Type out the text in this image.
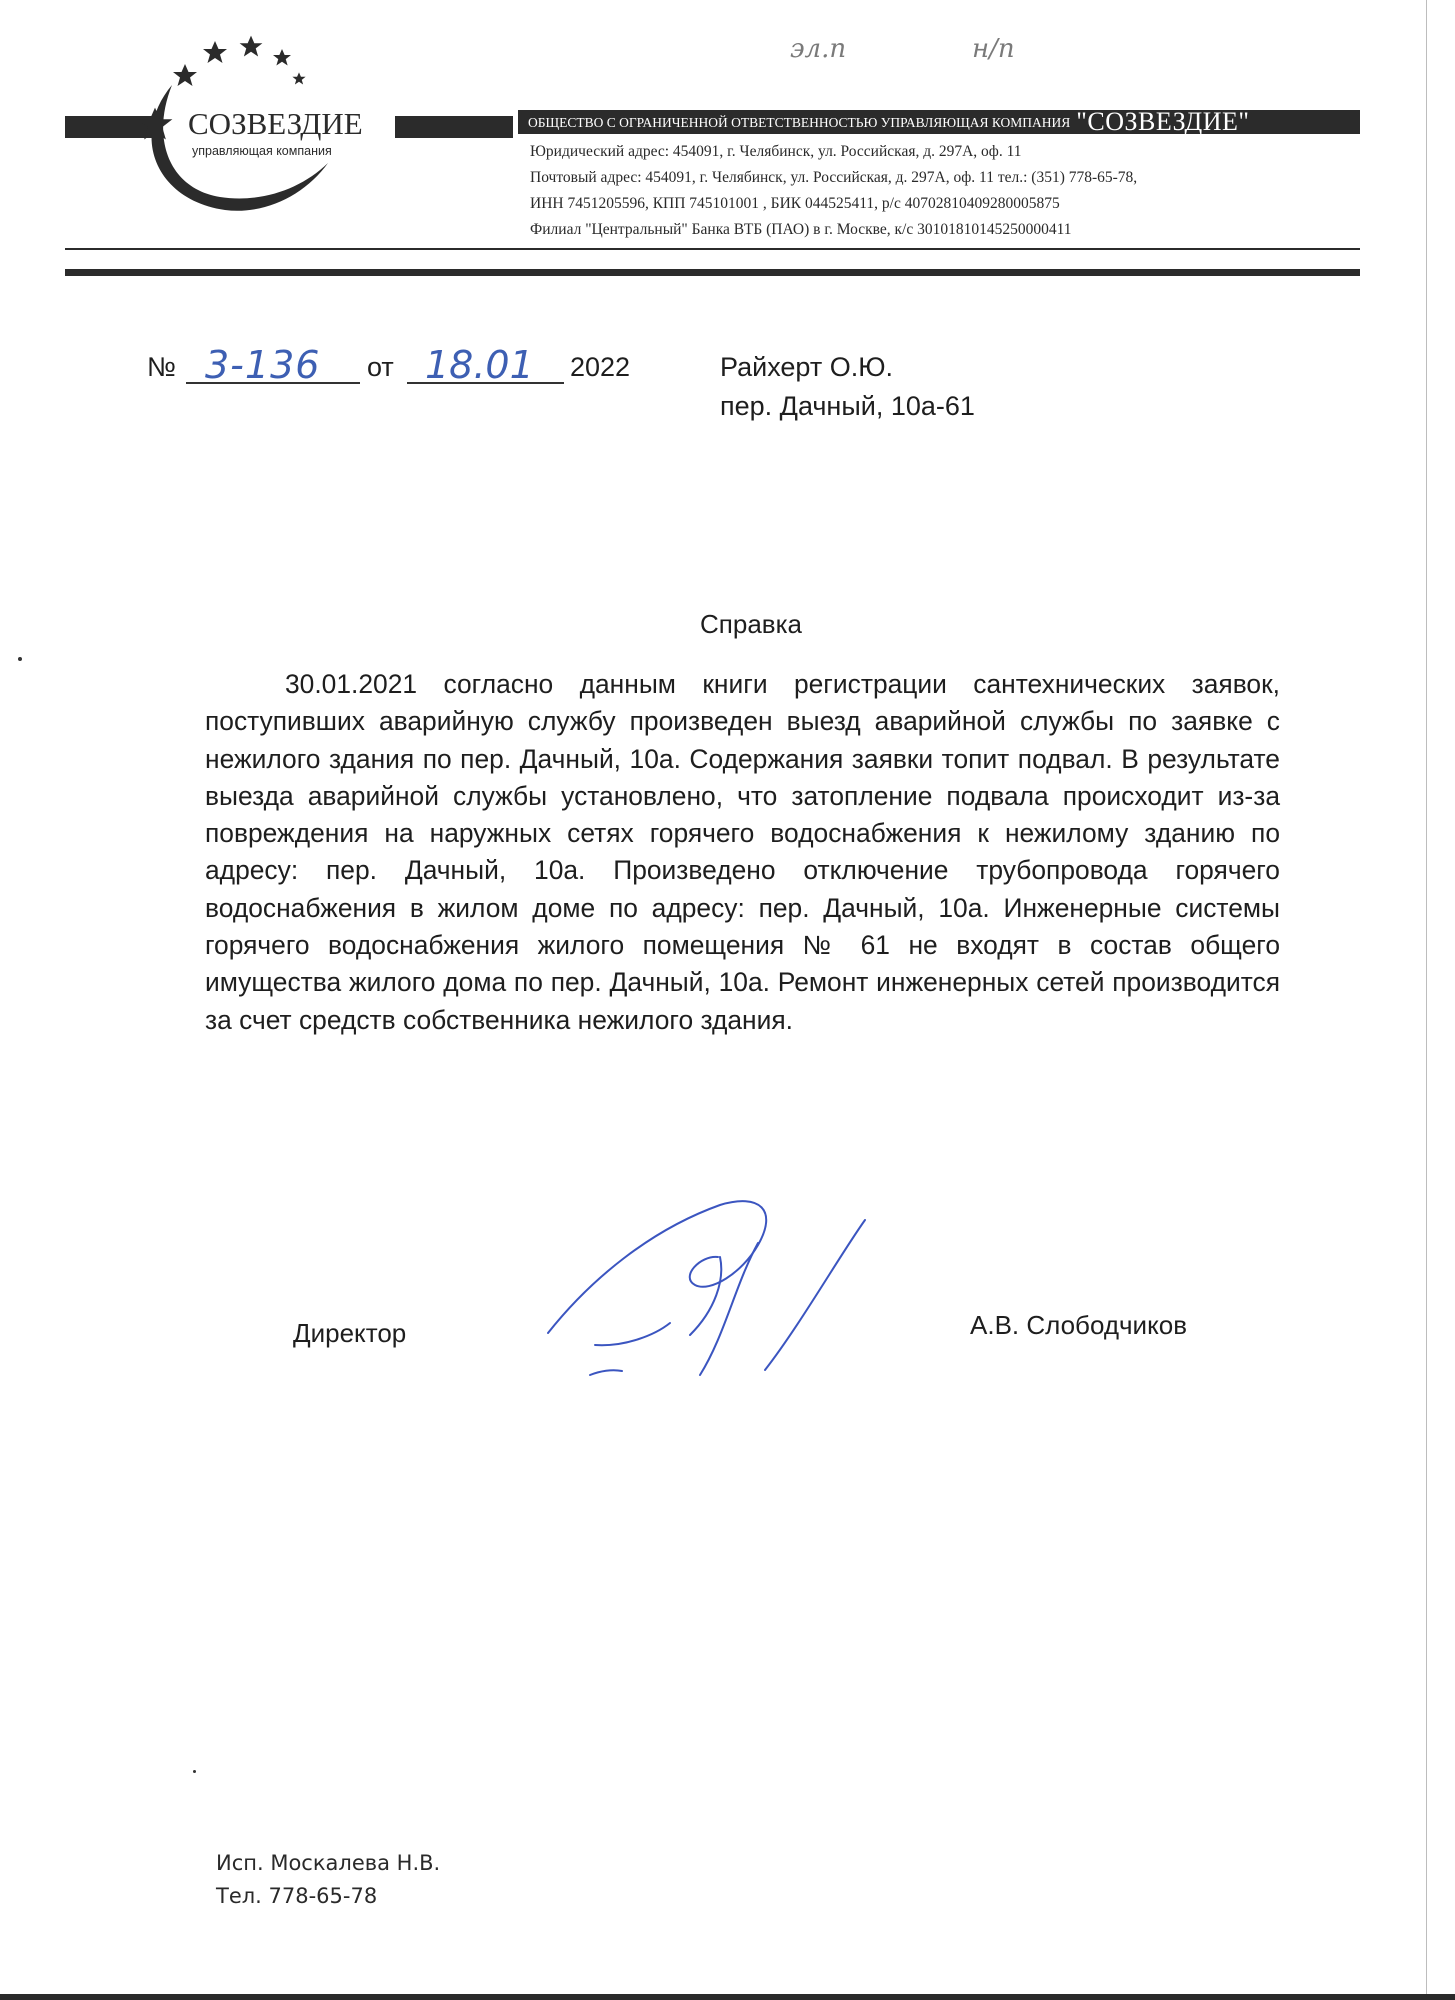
СОЗВЕЗДИЕ
управляющая компания
ОБЩЕСТВО С ОГРАНИЧЕННОЙ ОТВЕТСТВЕННОСТЬЮ УПРАВЛЯЮЩАЯ КОМПАНИЯ "СОЗВЕЗДИЕ"
Юридический адрес: 454091, г. Челябинск, ул. Российская, д. 297А, оф. 11
Почтовый адрес: 454091, г. Челябинск, ул. Российская, д. 297А, оф. 11 тел.: (351) 778-65-78,
ИНН 7451205596, КПП 745101001 , БИК 044525411, р/с 40702810409280005875
Филиал "Центральный" Банка ВТБ (ПАО) в г. Москве, к/с 30101810145250000411
эл.п	н/п
№ 3-136 от 18.01 2022	Райхерт О.Ю.
пер. Дачный, 10а-61
Справка

30.01.2021 согласно данным книги регистрации сантехнических заявок, поступивших аварийную службу произведен выезд аварийной службы по заявке с нежилого здания по пер. Дачный, 10а. Содержания заявки топит подвал. В результате выезда аварийной службы установлено, что затопление подвала происходит из-за повреждения на наружных сетях горячего водоснабжения к нежилому зданию по адресу: пер. Дачный, 10а. Произведено отключение трубопровода горячего водоснабжения в жилом доме по адресу: пер. Дачный, 10а. Инженерные системы горячего водоснабжения жилого помещения № 61 не входят в состав общего имущества жилого дома по пер. Дачный, 10а. Ремонт инженерных сетей производится за счет средств собственника нежилого здания.

Директор	А.В. Слободчиков
Исп. Москалева Н.В.
Тел. 778-65-78
